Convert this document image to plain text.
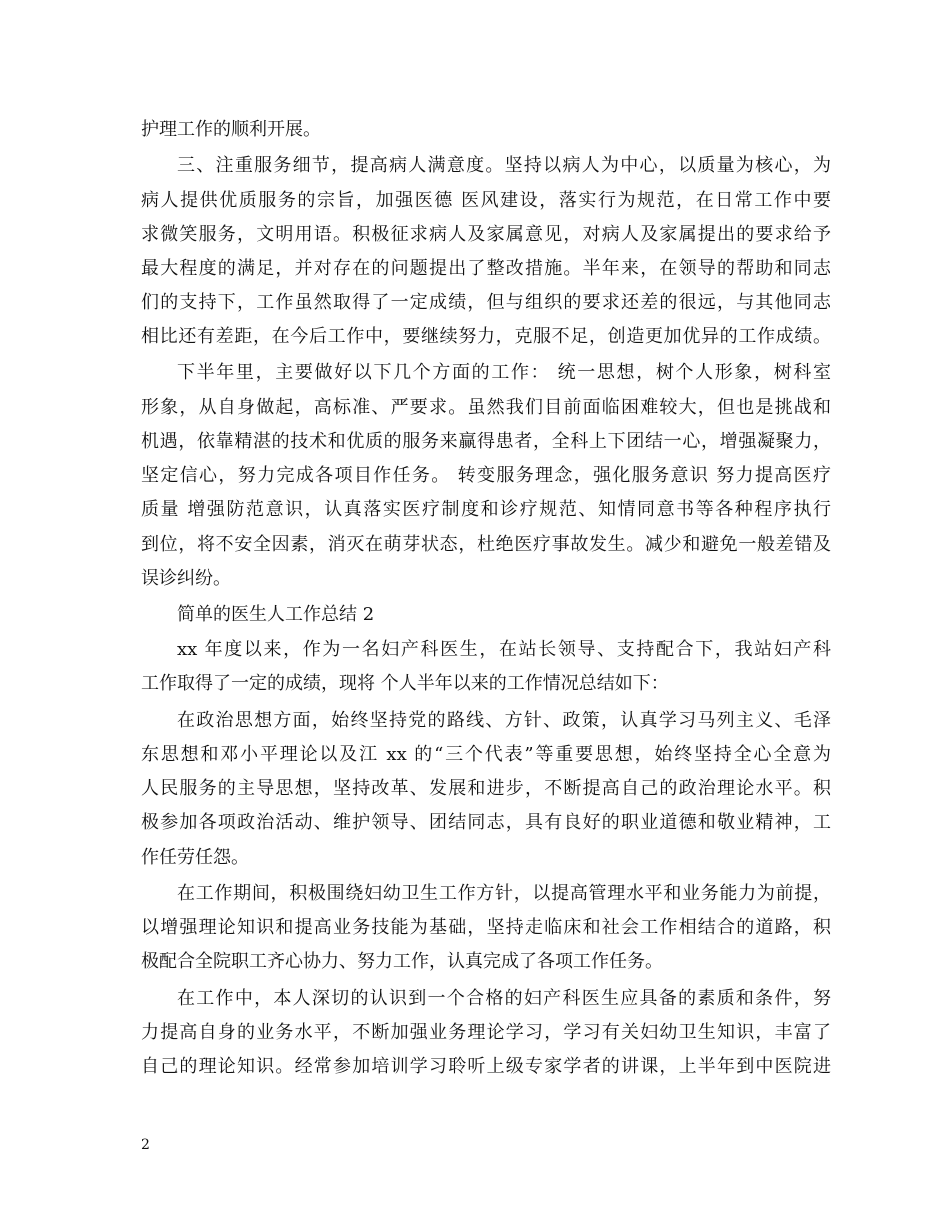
护理工作的顺利开展。
三、注重服务细节，提高病人满意度。坚持以病人为中心，以质量为核心，为
病人提供优质服务的宗旨，加强医德 医风建设，落实行为规范，在日常工作中要
求微笑服务，文明用语。积极征求病人及家属意见，对病人及家属提出的要求给予
最大程度的满足，并对存在的问题提出了整改措施。半年来，在领导的帮助和同志
们的支持下，工作虽然取得了一定成绩，但与组织的要求还差的很远，与其他同志
相比还有差距，在今后工作中，要继续努力，克服不足，创造更加优异的工作成绩。
下半年里，主要做好以下几个方面的工作： 统一思想，树个人形象，树科室
形象，从自身做起，高标准、严要求。虽然我们目前面临困难较大，但也是挑战和
机遇，依靠精湛的技术和优质的服务来赢得患者，全科上下团结一心，增强凝聚力，
坚定信心，努力完成各项目作任务。 转变服务理念，强化服务意识 努力提高医疗
质量 增强防范意识，认真落实医疗制度和诊疗规范、知情同意书等各种程序执行
到位，将不安全因素，消灭在萌芽状态，杜绝医疗事故发生。减少和避免一般差错及
误诊纠纷。
简单的医生人工作总结 2
xx 年度以来，作为一名妇产科医生，在站长领导、支持配合下，我站妇产科
工作取得了一定的成绩，现将 个人半年以来的工作情况总结如下：
在政治思想方面，始终坚持党的路线、方针、政策，认真学习马列主义、毛泽
东思想和邓小平理论以及江 xx 的“三个代表”等重要思想，始终坚持全心全意为
人民服务的主导思想，坚持改革、发展和进步，不断提高自己的政治理论水平。积
极参加各项政治活动、维护领导、团结同志，具有良好的职业道德和敬业精神，工
作任劳任怨。
在工作期间，积极围绕妇幼卫生工作方针，以提高管理水平和业务能力为前提，
以增强理论知识和提高业务技能为基础，坚持走临床和社会工作相结合的道路，积
极配合全院职工齐心协力、努力工作，认真完成了各项工作任务。
在工作中，本人深切的认识到一个合格的妇产科医生应具备的素质和条件，努
力提高自身的业务水平，不断加强业务理论学习，学习有关妇幼卫生知识，丰富了
自己的理论知识。经常参加培训学习聆听上级专家学者的讲课，上半年到中医院进
2
